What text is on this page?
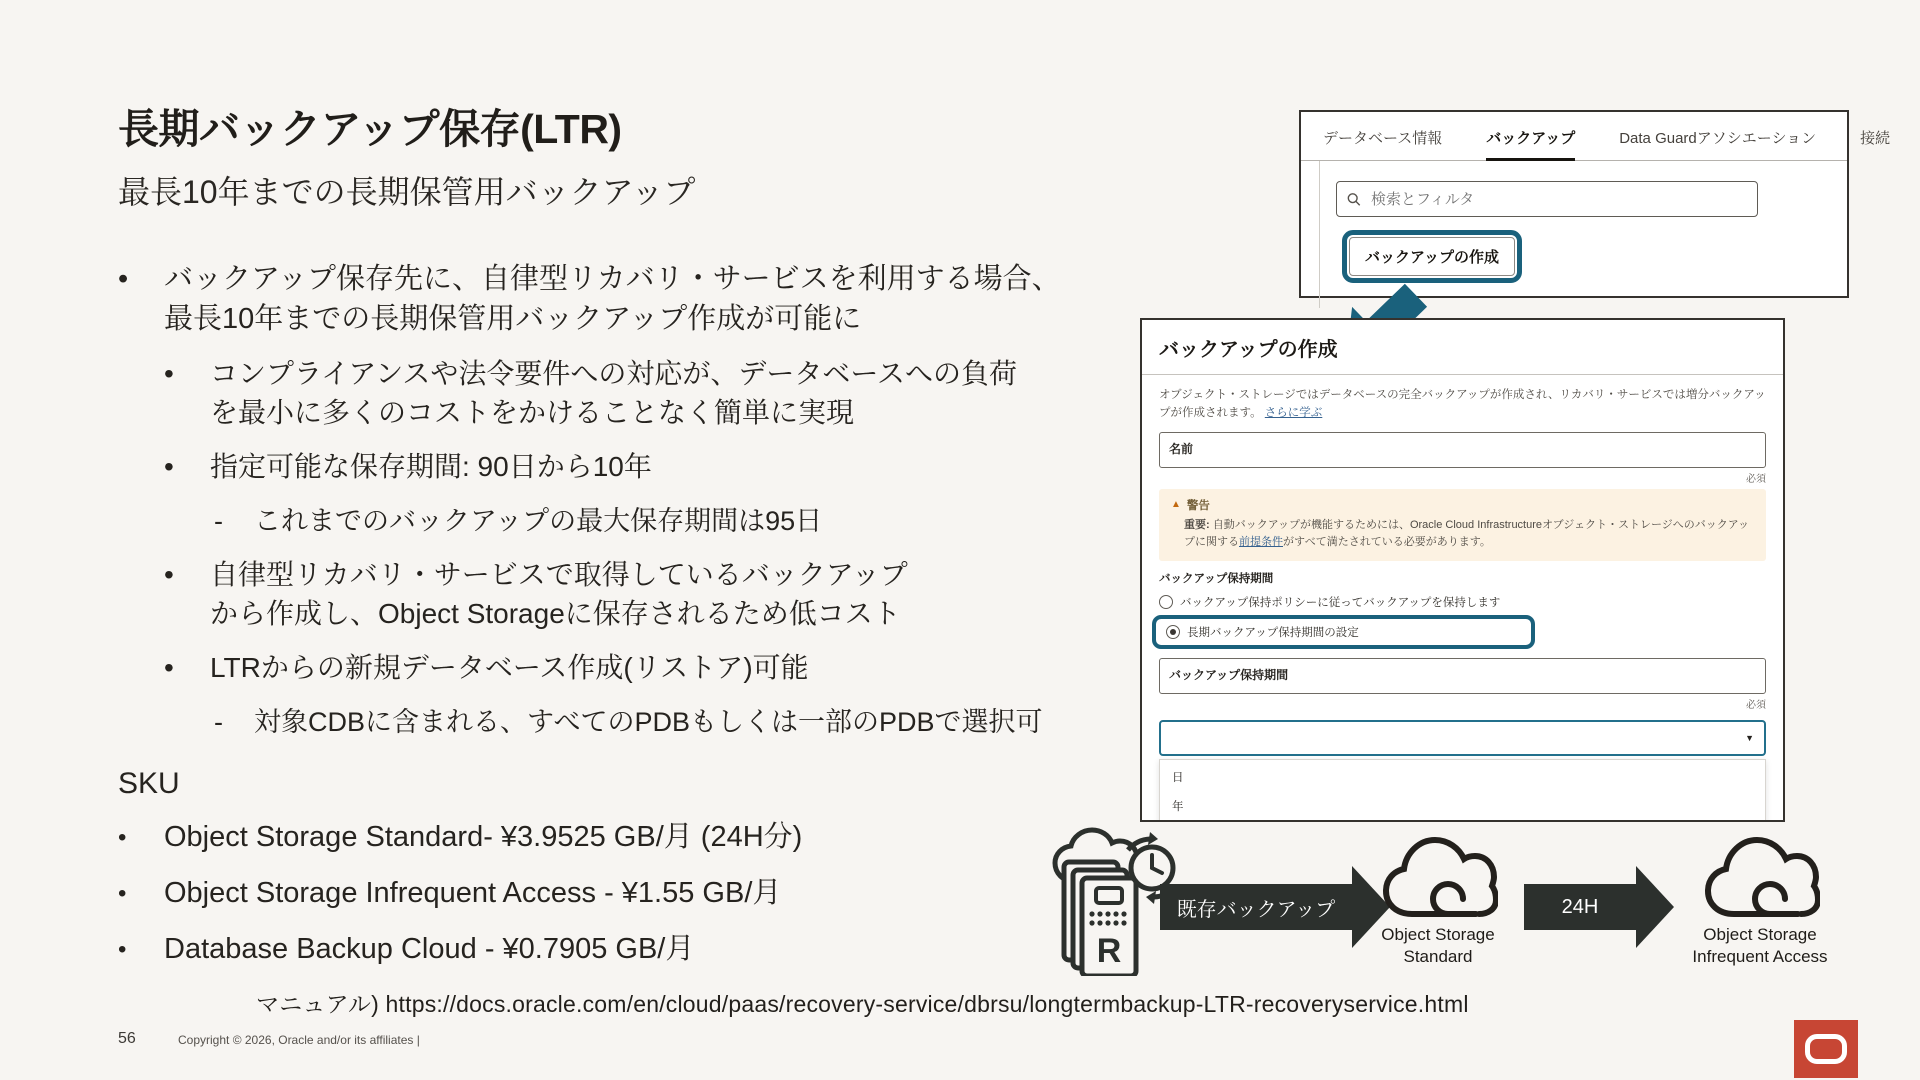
長期バックアップ保存(LTR)
最長10年までの長期保管用バックアップ
•	バックアップ保存先に、自律型リカバリ・サービスを利用する場合、
最長10年までの長期保管用バックアップ作成が可能に
•	コンプライアンスや法令要件への対応が、データベースへの負荷
を最小に多くのコストをかけることなく簡単に実現
•	指定可能な保存期間: 90日から10年
-	これまでのバックアップの最大保存期間は95日
•	自律型リカバリ・サービスで取得しているバックアップ
から作成し、Object Storageに保存されるため低コスト
•	LTRからの新規データベース作成(リストア)可能
-	対象CDBに含まれる、すべてのPDBもしくは一部のPDBで選択可
SKU
•	Object Storage Standard- ¥3.9525 GB/月 (24H分)
•	Object Storage Infrequent Access - ¥1.55 GB/月
•	Database Backup Cloud - ¥0.7905 GB/月
データベース情報	バックアップ	Data Guardアソシエーション	接続
検索とフィルタ
バックアップの作成
バックアップの作成
オブジェクト・ストレージではデータベースの完全バックアップが作成され、リカバリ・サービスでは増分バックアップが作成されます。 さらに学ぶ
名前
必須
▲ 警告
重要: 自動バックアップが機能するためには、Oracle Cloud Infrastructureオブジェクト・ストレージへのバックアップに関する前提条件がすべて満たされている必要があります。
バックアップ保持期間
バックアップ保持ポリシーに従ってバックアップを保持します
長期バックアップ保持期間の設定
バックアップ保持期間
必須
▼
日
年
R
既存バックアップ
Object Storage
Standard
24H
Object Storage
Infrequent Access
マニュアル) https://docs.oracle.com/en/cloud/paas/recovery-service/dbrsu/longtermbackup-LTR-recoveryservice.html
56	Copyright © 2026, Oracle and/or its affiliates |
